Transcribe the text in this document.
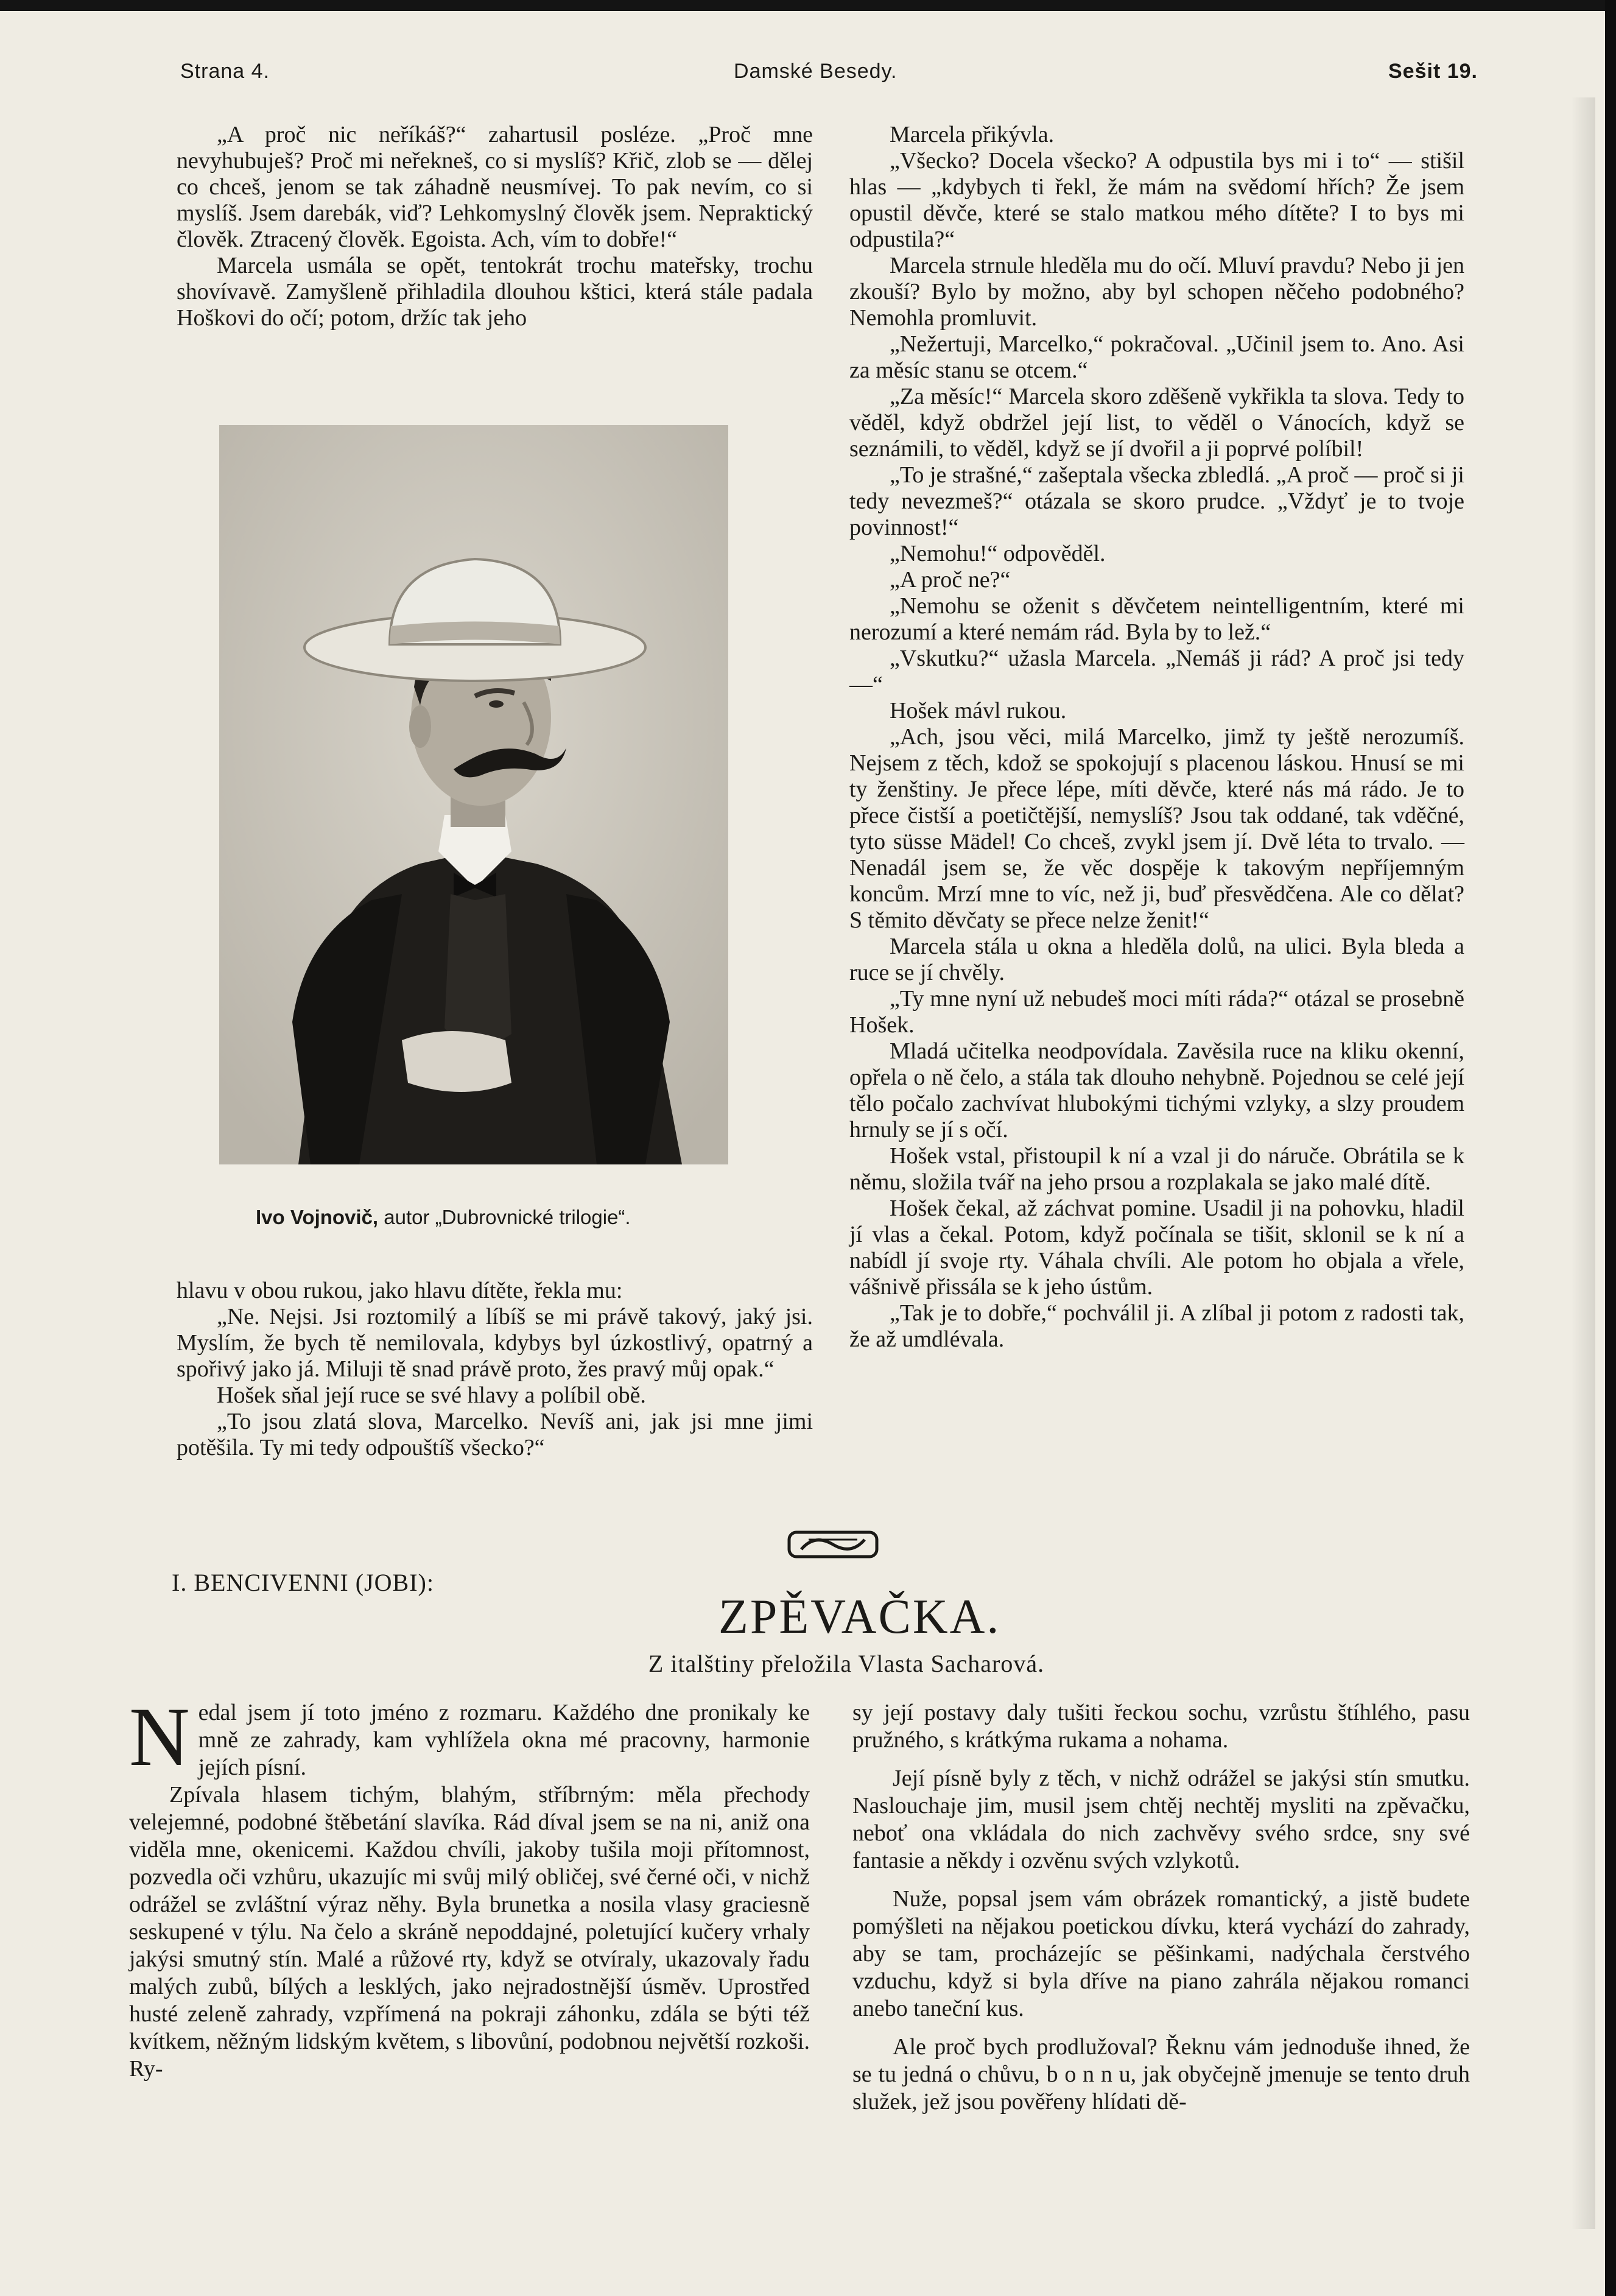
Strana 4.	Damské Besedy.	Sešit 19.

„A proč nic neříkáš?“ zahartusil posléze. „Proč mne nevyhubuješ? Proč mi neřekneš, co si myslíš? Křič, zlob se — dělej co chceš, jenom se tak záhadně neusmívej. To pak nevím, co si myslíš. Jsem darebák, viď? Lehkomyslný člověk jsem. Nepraktický člověk. Ztracený člověk. Egoista. Ach, vím to dobře!“

Marcela usmála se opět, tentokrát trochu mateřsky, trochu shovívavě. Zamyšleně přihladila dlouhou kštici, která stále padala Hoškovi do očí; potom, držíc tak jeho

Ivo Vojnovič, autor „Dubrovnické trilogie“.

hlavu v obou rukou, jako hlavu dítěte, řekla mu:

„Ne. Nejsi. Jsi roztomilý a líbíš se mi právě takový, jaký jsi. Myslím, že bych tě nemilovala, kdybys byl úzkostlivý, opatrný a spořivý jako já. Miluji tě snad právě proto, žes pravý můj opak.“

Hošek sňal její ruce se své hlavy a políbil obě.

„To jsou zlatá slova, Marcelko. Nevíš ani, jak jsi mne jimi potěšila. Ty mi tedy odpouštíš všecko?“

Marcela přikývla.

„Všecko? Docela všecko? A odpustila bys mi i to“ — stišil hlas — „kdybych ti řekl, že mám na svědomí hřích? Že jsem opustil děvče, které se stalo matkou mého dítěte? I to bys mi odpustila?“

Marcela strnule hleděla mu do očí. Mluví pravdu? Nebo ji jen zkouší? Bylo by možno, aby byl schopen něčeho podobného? Nemohla promluvit.

„Nežertuji, Marcelko,“ pokračoval. „Učinil jsem to. Ano. Asi za měsíc stanu se otcem.“

„Za měsíc!“ Marcela skoro zděšeně vykřikla ta slova. Tedy to věděl, když obdržel její list, to věděl o Vánocích, když se seznámili, to věděl, když se jí dvořil a ji poprvé políbil!

„To je strašné,“ zašeptala všecka zbledlá. „A proč — proč si ji tedy nevezmeš?“ otázala se skoro prudce. „Vždyť je to tvoje povinnost!“

„Nemohu!“ odpověděl.

„A proč ne?“

„Nemohu se oženit s děvčetem neintelligentním, které mi nerozumí a které nemám rád. Byla by to lež.“

„Vskutku?“ užasla Marcela. „Nemáš ji rád? A proč jsi tedy —“

Hošek mávl rukou.

„Ach, jsou věci, milá Marcelko, jimž ty ještě nerozumíš. Nejsem z těch, kdož se spokojují s placenou láskou. Hnusí se mi ty ženštiny. Je přece lépe, míti děvče, které nás má rádo. Je to přece čistší a poetičtější, nemyslíš? Jsou tak oddané, tak vděčné, tyto süsse Mädel! Co chceš, zvykl jsem jí. Dvě léta to trvalo. — Nenadál jsem se, že věc dospěje k takovým nepříjemným koncům. Mrzí mne to víc, než ji, buď přesvědčena. Ale co dělat? S těmito děvčaty se přece nelze ženit!“

Marcela stála u okna a hleděla dolů, na ulici. Byla bleda a ruce se jí chvěly.

„Ty mne nyní už nebudeš moci míti ráda?“ otázal se prosebně Hošek.

Mladá učitelka neodpovídala. Zavěsila ruce na kliku okenní, opřela o ně čelo, a stála tak dlouho nehybně. Pojednou se celé její tělo počalo zachvívat hlubokými tichými vzlyky, a slzy proudem hrnuly se jí s očí.

Hošek vstal, přistoupil k ní a vzal ji do náruče. Obrátila se k němu, složila tvář na jeho prsou a rozplakala se jako malé dítě.

Hošek čekal, až záchvat pomine. Usadil ji na pohovku, hladil jí vlas a čekal. Potom, když počínala se tišit, sklonil se k ní a nabídl jí svoje rty. Váhala chvíli. Ale potom ho objala a vřele, vášnivě přissála se k jeho ústům.

„Tak je to dobře,“ pochválil ji. A zlíbal ji potom z radosti tak, že až umdlévala.

I. BENCIVENNI (JOBI):
ZPĚVAČKA.
Z italštiny přeložila Vlasta Sacharová.

Nedal jsem jí toto jméno z rozmaru. Každého dne pronikaly ke mně ze zahrady, kam vyhlížela okna mé pracovny, harmonie jejích písní.

Zpívala hlasem tichým, blahým, stříbrným: měla přechody velejemné, podobné štěbetání slavíka. Rád díval jsem se na ni, aniž ona viděla mne, okenicemi. Každou chvíli, jakoby tušila moji přítomnost, pozvedla oči vzhůru, ukazujíc mi svůj milý obličej, své černé oči, v nichž odrážel se zvláštní výraz něhy. Byla brunetka a nosila vlasy graciesně seskupené v týlu. Na čelo a skráně nepoddajné, poletující kučery vrhaly jakýsi smutný stín. Malé a růžové rty, když se otvíraly, ukazovaly řadu malých zubů, bílých a lesklých, jako nejradostnější úsměv. Uprostřed husté zeleně zahrady, vzpřímená na pokraji záhonku, zdála se býti též kvítkem, něžným lidským květem, s libovůní, podobnou největší rozkoši. Ry-

sy její postavy daly tušiti řeckou sochu, vzrůstu štíhlého, pasu pružného, s krátkýma rukama a nohama.

Její písně byly z těch, v nichž odrážel se jakýsi stín smutku. Naslouchaje jim, musil jsem chtěj nechtěj mysliti na zpěvačku, neboť ona vkládala do nich zachvěvy svého srdce, sny své fantasie a někdy i ozvěnu svých vzlykotů.

Nuže, popsal jsem vám obrázek romantický, a jistě budete pomýšleti na nějakou poetickou dívku, která vychází do zahrady, aby se tam, procházejíc se pěšinkami, nadýchala čerstvého vzduchu, když si byla dříve na piano zahrála nějakou romanci anebo taneční kus.

Ale proč bych prodlužoval? Řeknu vám jednoduše ihned, že se tu jedná o chůvu, b o n n u, jak obyčejně jmenuje se tento druh služek, jež jsou pověřeny hlídati dě-
